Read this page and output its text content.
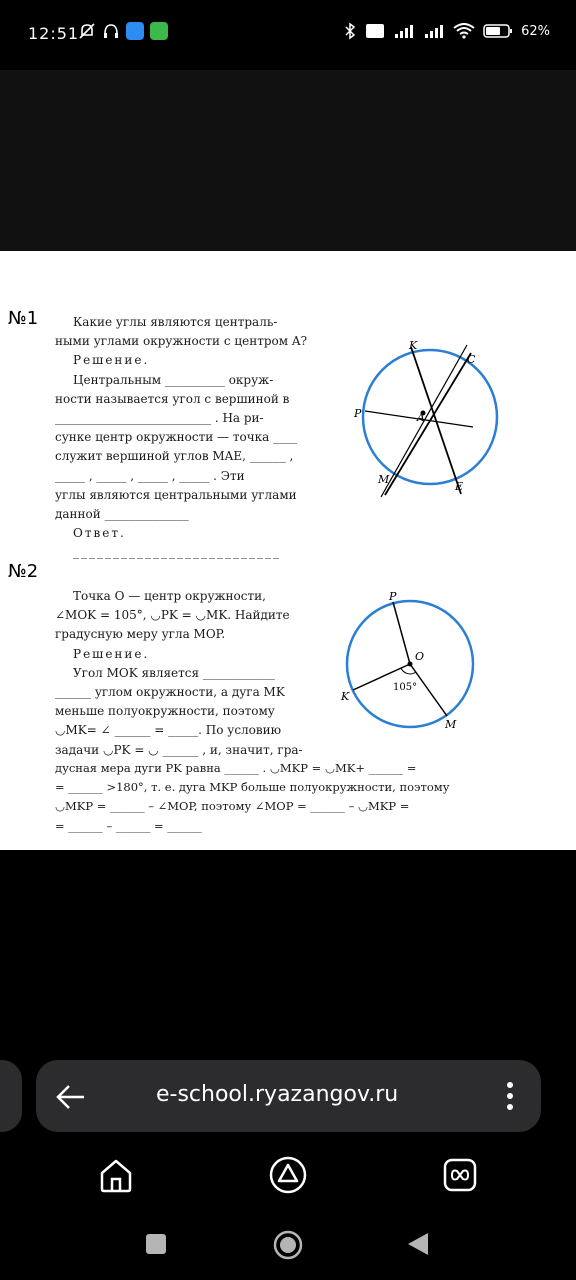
12:51	62%
№1	Какие углы являются централь-

ными углами окружности с центром A?

Решение.

Центральным __________ окруж-

ности называется угол с вершиной в

__________________________ . На ри-

сунке центр окружности — точка ____

служит вершиной углов MAE, ______ ,

_____ , _____ , _____ , _____ . Эти

углы являются центральными углами

данной ______________

Ответ. __________________________

K
C
P	A
M
E
№2

Точка O — центр окружности,

∠MOK = 105°, ◡PK = ◡MK. Найдите

градусную меру угла MOP.

Решение.

Угол MOK является ____________

______ углом окружности, а дуга MK

меньше полуокружности, поэтому

◡MK= ∠ ______ = _____. По условию

задачи ◡PK = ◡ ______ , и, значит, гра-

дусная мера дуги PK равна ______ . ◡MKP = ◡MK+ ______ =

= ______ >180°, т. е. дуга MKP больше полуокружности, поэтому

◡MKP = ______ – ∠MOP, поэтому ∠MOP = ______ – ◡MKP =

= ______ – ______ = ______

P
O
K
M
105°
e-school.ryazangov.ru
